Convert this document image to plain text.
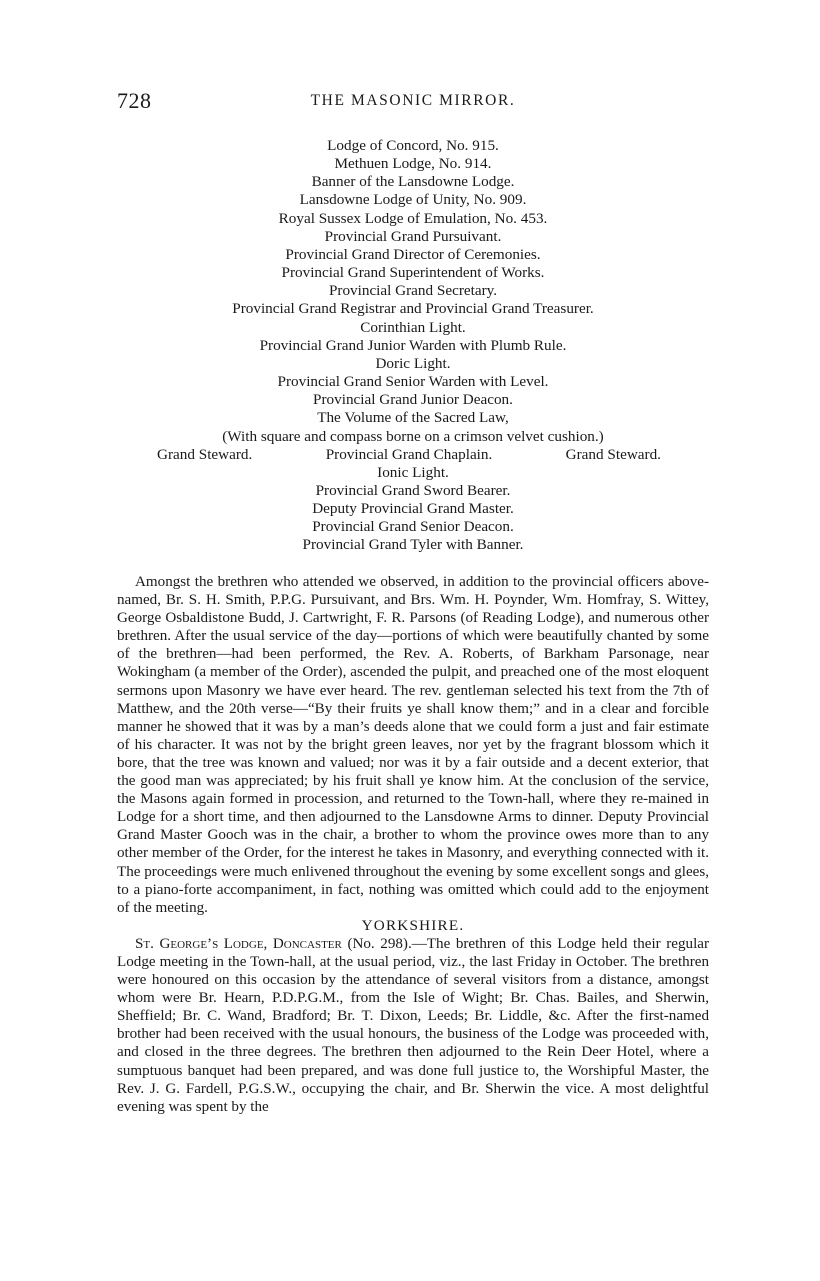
728	THE MASONIC MIRROR.
Lodge of Concord, No. 915.
Methuen Lodge, No. 914.
Banner of the Lansdowne Lodge.
Lansdowne Lodge of Unity, No. 909.
Royal Sussex Lodge of Emulation, No. 453.
Provincial Grand Pursuivant.
Provincial Grand Director of Ceremonies.
Provincial Grand Superintendent of Works.
Provincial Grand Secretary.
Provincial Grand Registrar and Provincial Grand Treasurer.
Corinthian Light.
Provincial Grand Junior Warden with Plumb Rule.
Doric Light.
Provincial Grand Senior Warden with Level.
Provincial Grand Junior Deacon.
The Volume of the Sacred Law,
(With square and compass borne on a crimson velvet cushion.)
Grand Steward.	Provincial Grand Chaplain.	Grand Steward.
Ionic Light.
Provincial Grand Sword Bearer.
Deputy Provincial Grand Master.
Provincial Grand Senior Deacon.
Provincial Grand Tyler with Banner.

Amongst the brethren who attended we observed, in addition to the provincial officers above-named, Br. S. H. Smith, P.P.G. Pursuivant, and Brs. Wm. H. Poynder, Wm. Homfray, S. Wittey, George Osbaldistone Budd, J. Cartwright, F. R. Parsons (of Reading Lodge), and numerous other brethren. After the usual service of the day—portions of which were beautifully chanted by some of the brethren—had been performed, the Rev. A. Roberts, of Barkham Parsonage, near Wokingham (a member of the Order), ascended the pulpit, and preached one of the most eloquent sermons upon Masonry we have ever heard. The rev. gentleman selected his text from the 7th of Matthew, and the 20th verse—“By their fruits ye shall know them;” and in a clear and forcible manner he showed that it was by a man’s deeds alone that we could form a just and fair estimate of his character. It was not by the bright green leaves, nor yet by the fragrant blossom which it bore, that the tree was known and valued; nor was it by a fair outside and a decent exterior, that the good man was appreciated; by his fruit shall ye know him. At the conclusion of the service, the Masons again formed in procession, and returned to the Town-hall, where they re-mained in Lodge for a short time, and then adjourned to the Lansdowne Arms to dinner. Deputy Provincial Grand Master Gooch was in the chair, a brother to whom the province owes more than to any other member of the Order, for the interest he takes in Masonry, and everything connected with it. The proceedings were much enlivened throughout the evening by some excellent songs and glees, to a piano-forte accompaniment, in fact, nothing was omitted which could add to the enjoyment of the meeting.

YORKSHIRE.

St. George’s Lodge, Doncaster (No. 298).—The brethren of this Lodge held their regular Lodge meeting in the Town-hall, at the usual period, viz., the last Friday in October. The brethren were honoured on this occasion by the attendance of several visitors from a distance, amongst whom were Br. Hearn, P.D.P.G.M., from the Isle of Wight; Br. Chas. Bailes, and Sherwin, Sheffield; Br. C. Wand, Bradford; Br. T. Dixon, Leeds; Br. Liddle, &c. After the first-named brother had been received with the usual honours, the business of the Lodge was proceeded with, and closed in the three degrees. The brethren then adjourned to the Rein Deer Hotel, where a sumptuous banquet had been prepared, and was done full justice to, the Worshipful Master, the Rev. J. G. Fardell, P.G.S.W., occupying the chair, and Br. Sherwin the vice. A most delightful evening was spent by the
